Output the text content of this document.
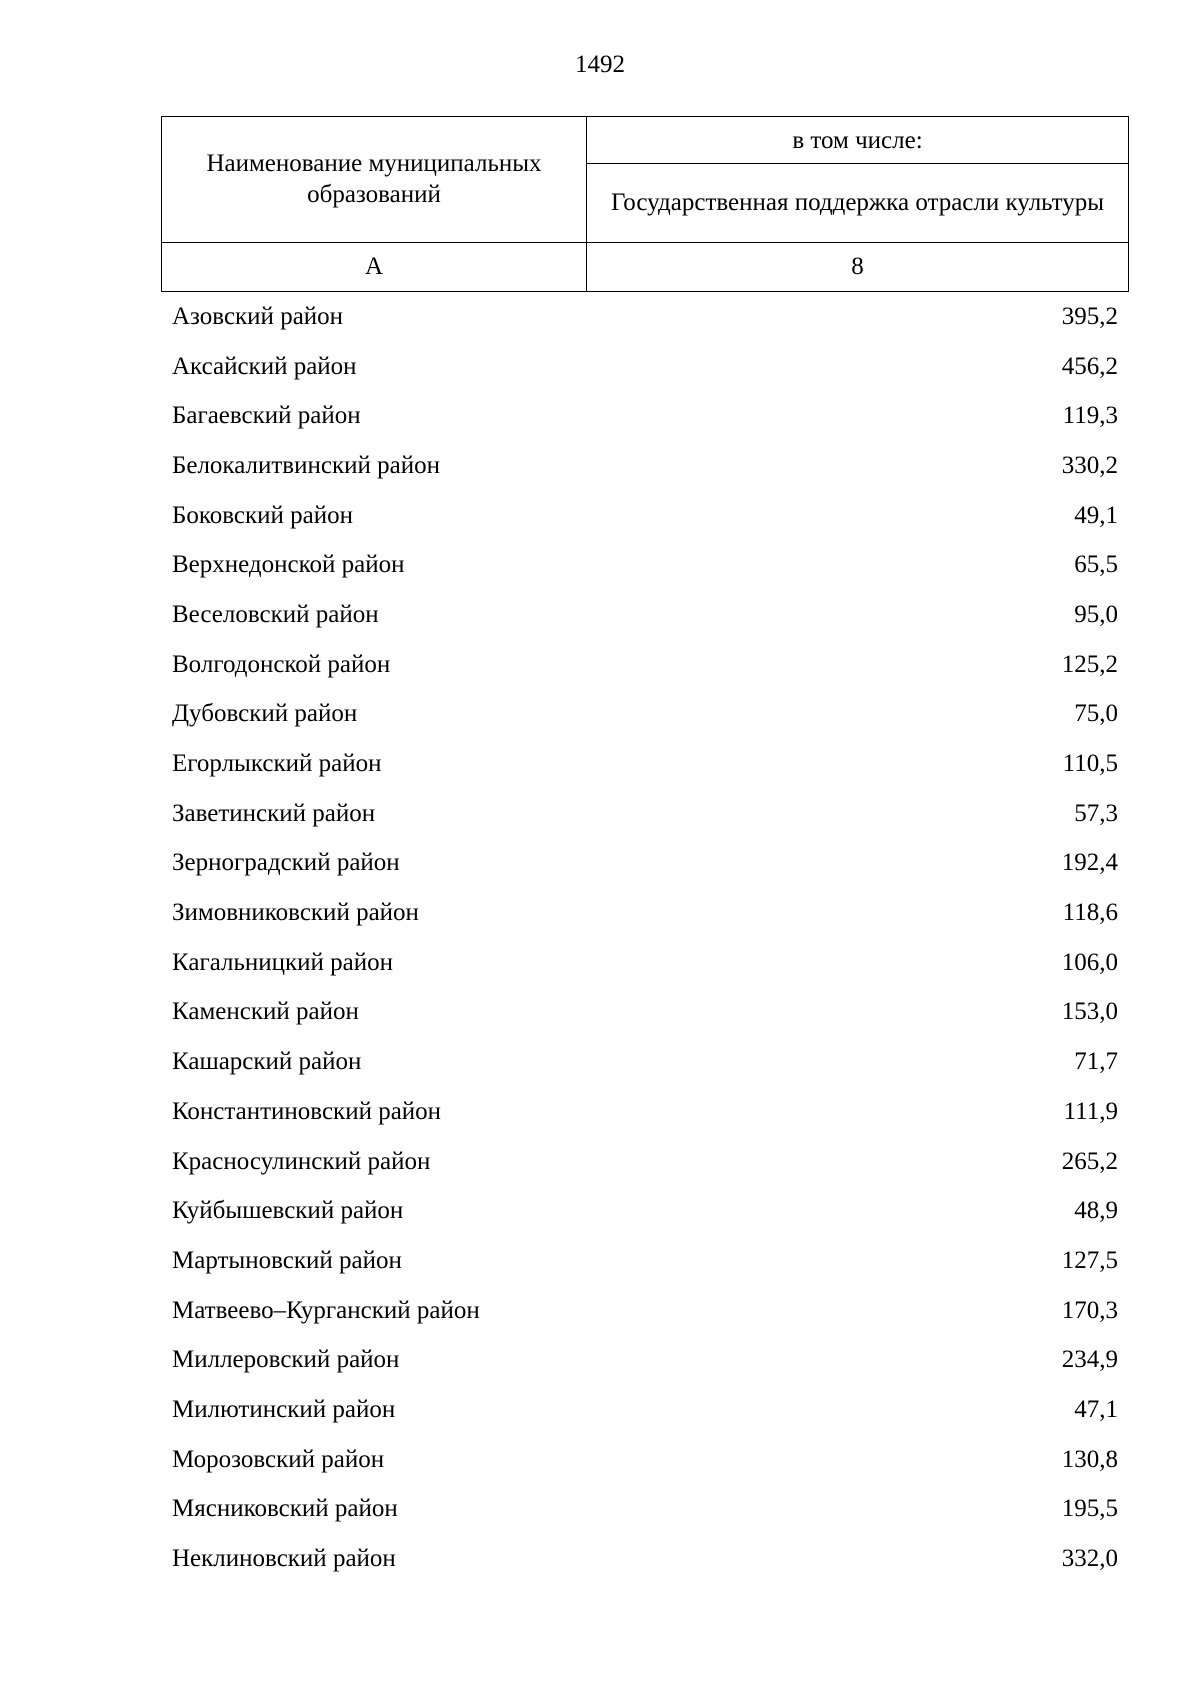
1492
Наименование муниципальных образований	в том числе:
	Государственная поддержка отрасли культуры
А	8
Азовский район	395,2
Аксайский район	456,2
Багаевский район	119,3
Белокалитвинский район	330,2
Боковский район	49,1
Верхнедонской район	65,5
Веселовский район	95,0
Волгодонской район	125,2
Дубовский район	75,0
Егорлыкский район	110,5
Заветинский район	57,3
Зерноградский район	192,4
Зимовниковский район	118,6
Кагальницкий район	106,0
Каменский район	153,0
Кашарский район	71,7
Константиновский район	111,9
Красносулинский район	265,2
Куйбышевский район	48,9
Мартыновский район	127,5
Матвеево–Курганский район	170,3
Миллеровский район	234,9
Милютинский район	47,1
Морозовский район	130,8
Мясниковский район	195,5
Неклиновский район	332,0
